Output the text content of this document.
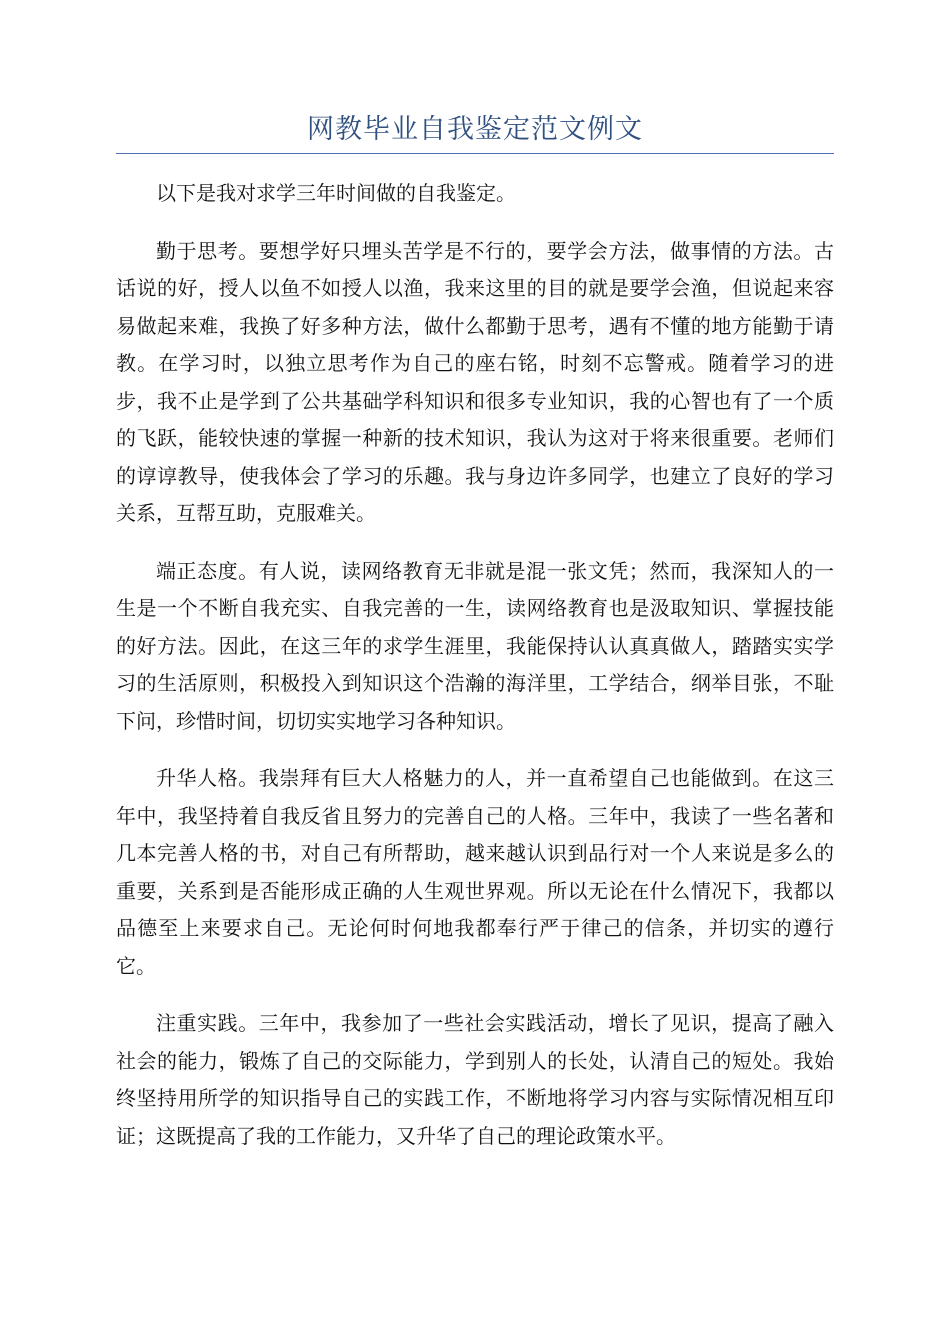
网教毕业自我鉴定范文例文

以下是我对求学三年时间做的自我鉴定。

勤于思考。要想学好只埋头苦学是不行的，要学会方法，做事情的方法。古话说的好，授人以鱼不如授人以渔，我来这里的目的就是要学会渔，但说起来容易做起来难，我换了好多种方法，做什么都勤于思考，遇有不懂的地方能勤于请教。在学习时，以独立思考作为自己的座右铭，时刻不忘警戒。随着学习的进步，我不止是学到了公共基础学科知识和很多专业知识，我的心智也有了一个质的飞跃，能较快速的掌握一种新的技术知识，我认为这对于将来很重要。老师们的谆谆教导，使我体会了学习的乐趣。我与身边许多同学，也建立了良好的学习关系，互帮互助，克服难关。

端正态度。有人说，读网络教育无非就是混一张文凭；然而，我深知人的一生是一个不断自我充实、自我完善的一生，读网络教育也是汲取知识、掌握技能的好方法。因此，在这三年的求学生涯里，我能保持认认真真做人，踏踏实实学习的生活原则，积极投入到知识这个浩瀚的海洋里，工学结合，纲举目张，不耻下问，珍惜时间，切切实实地学习各种知识。

升华人格。我崇拜有巨大人格魅力的人，并一直希望自己也能做到。在这三年中，我坚持着自我反省且努力的完善自己的人格。三年中，我读了一些名著和几本完善人格的书，对自己有所帮助，越来越认识到品行对一个人来说是多么的重要，关系到是否能形成正确的人生观世界观。所以无论在什么情况下，我都以品德至上来要求自己。无论何时何地我都奉行严于律己的信条，并切实的遵行它。

注重实践。三年中，我参加了一些社会实践活动，增长了见识，提高了融入社会的能力，锻炼了自己的交际能力，学到别人的长处，认清自己的短处。我始终坚持用所学的知识指导自己的实践工作，不断地将学习内容与实际情况相互印证；这既提高了我的工作能力，又升华了自己的理论政策水平。
